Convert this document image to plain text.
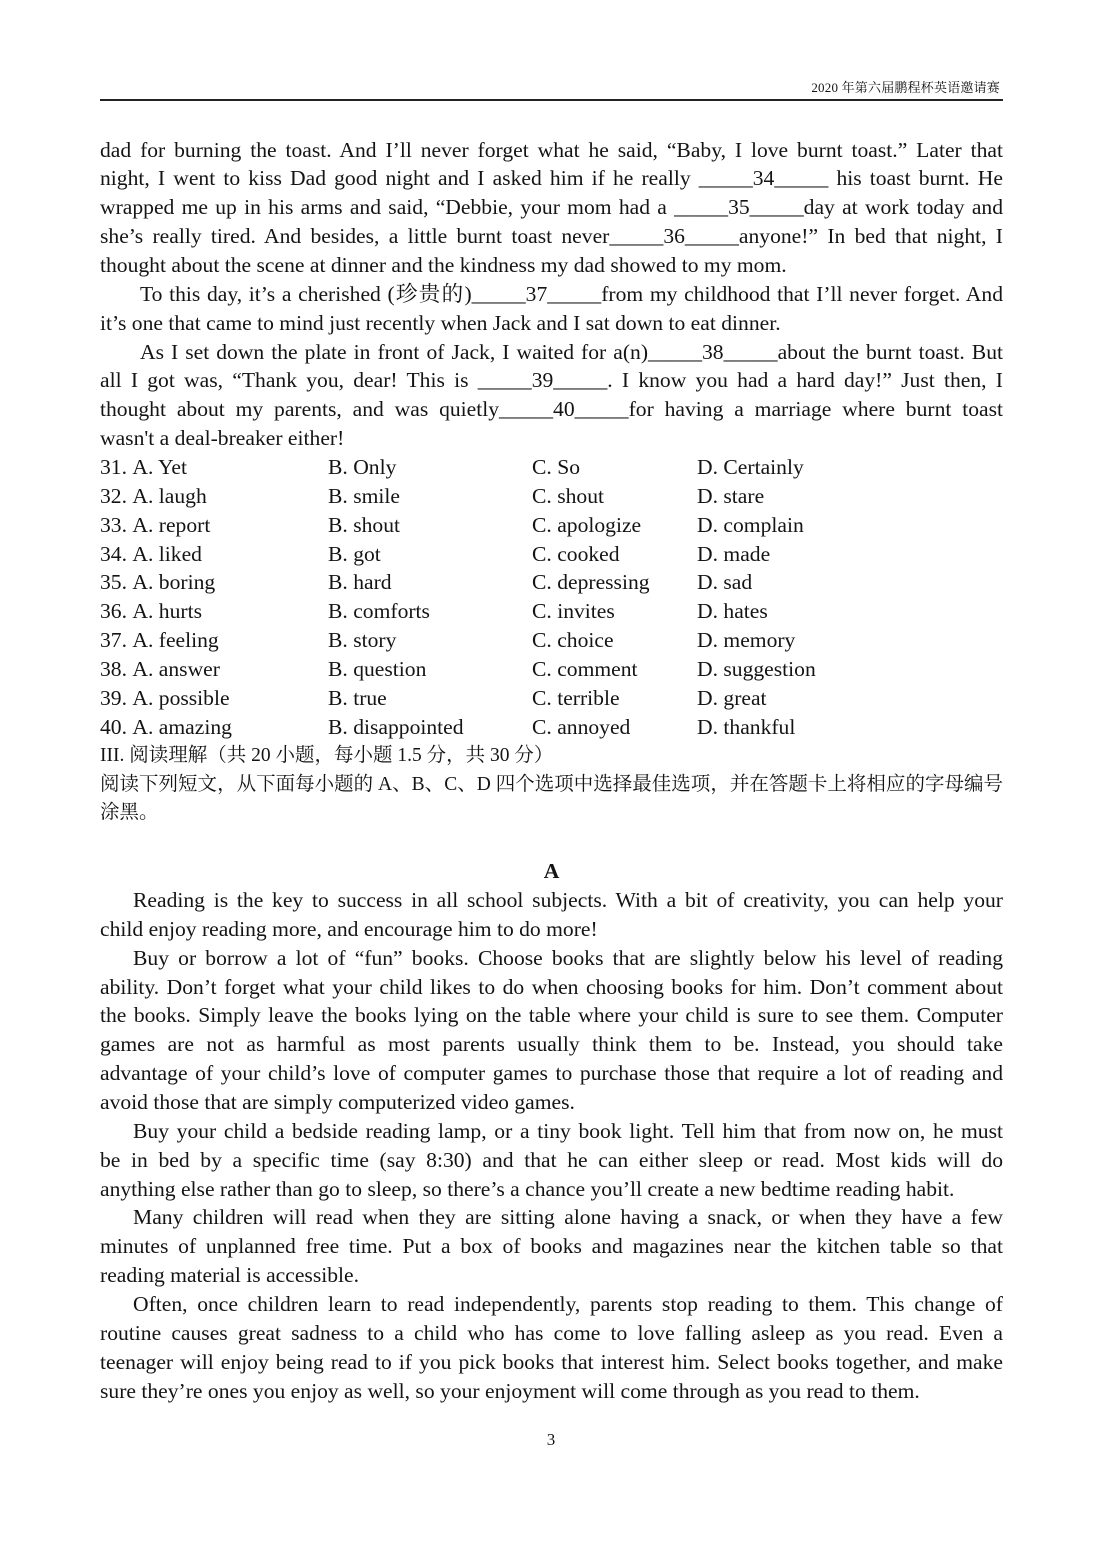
2020 年第六届鹏程杯英语邀请赛
dad for burning the toast. And I’ll never forget what he said, “Baby, I love burnt toast.” Later that
night, I went to kiss Dad good night and I asked him if he really _____34_____ his toast burnt. He
wrapped me up in his arms and said, “Debbie, your mom had a _____35_____day at work today and
she’s really tired. And besides, a little burnt toast never_____36_____anyone!” In bed that night, I
thought about the scene at dinner and the kindness my dad showed to my mom.
To this day, it’s a cherished (珍贵的)_____37_____from my childhood that I’ll never forget. And
it’s one that came to mind just recently when Jack and I sat down to eat dinner.
As I set down the plate in front of Jack, I waited for a(n)_____38_____about the burnt toast. But
all I got was, “Thank you, dear! This is _____39_____. I know you had a hard day!” Just then, I
thought about my parents, and was quietly_____40_____for having a marriage where burnt toast
wasn't a deal-breaker either!
31. A. Yet	B. Only	C. So	D. Certainly
32. A. laugh	B. smile	C. shout	D. stare
33. A. report	B. shout	C. apologize	D. complain
34. A. liked	B. got	C. cooked	D. made
35. A. boring	B. hard	C. depressing D. sad
36. A. hurts	B. comforts	C. invites	D. hates
37. A. feeling	B. story	C. choice	D. memory
38. A. answer	B. question	C. comment	D. suggestion
39. A. possible	B. true	C. terrible	D. great
40. A. amazing	B. disappointed	C. annoyed	D. thankful
III. 阅读理解（共 20 小题，每小题 1.5 分，共 30 分）
阅读下列短文，从下面每小题的 A、B、C、D 四个选项中选择最佳选项，并在答题卡上将相应的字母编号
涂黑。
A
Reading is the key to success in all school subjects. With a bit of creativity, you can help your
child enjoy reading more, and encourage him to do more!
Buy or borrow a lot of “fun” books. Choose books that are slightly below his level of reading
ability. Don’t forget what your child likes to do when choosing books for him. Don’t comment about
the books. Simply leave the books lying on the table where your child is sure to see them. Computer
games are not as harmful as most parents usually think them to be. Instead, you should take
advantage of your child’s love of computer games to purchase those that require a lot of reading and
avoid those that are simply computerized video games.
Buy your child a bedside reading lamp, or a tiny book light. Tell him that from now on, he must
be in bed by a specific time (say 8:30) and that he can either sleep or read. Most kids will do
anything else rather than go to sleep, so there’s a chance you’ll create a new bedtime reading habit.
Many children will read when they are sitting alone having a snack, or when they have a few
minutes of unplanned free time. Put a box of books and magazines near the kitchen table so that
reading material is accessible.
Often, once children learn to read independently, parents stop reading to them. This change of
routine causes great sadness to a child who has come to love falling asleep as you read. Even a
teenager will enjoy being read to if you pick books that interest him. Select books together, and make
sure they’re ones you enjoy as well, so your enjoyment will come through as you read to them.
3
